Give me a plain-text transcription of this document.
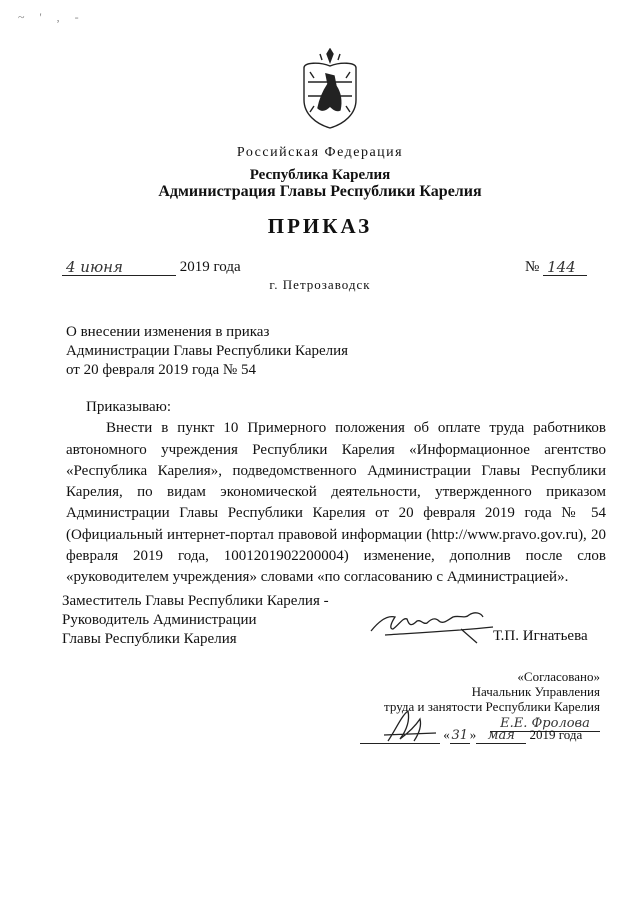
~ ' , -
Российская Федерация
Республика Карелия
Администрация Главы Республики Карелия
ПРИКАЗ
4 июня	2019 года	№ 144
г. Петрозаводск
О внесении изменения в приказ
Администрации Главы Республики Карелия
от 20 февраля 2019 года № 54

Приказываю:

Внести в пункт 10 Примерного положения об оплате труда работников автономного учреждения Республики Карелия «Информационное агентство «Республика Карелия», подведомственного Администрации Главы Республики Карелия, по видам экономической деятельности, утвержденного приказом Администрации Главы Республики Карелия от 20 февраля 2019 года № 54 (Официальный интернет-портал правовой информации (http://www.pravo.gov.ru), 20 февраля 2019 года, 1001201902200004) изменение, дополнив после слов «руководителем учреждения» словами «по согласованию с Администрацией».

Заместитель Главы Республики Карелия -
Руководитель Администрации
Главы Республики Карелия	Т.П. Игнатьева
«Согласовано»
Начальник Управления
труда и занятости Республики Карелия
Е.Е. Фролова
« 31 » мая 2019 года
